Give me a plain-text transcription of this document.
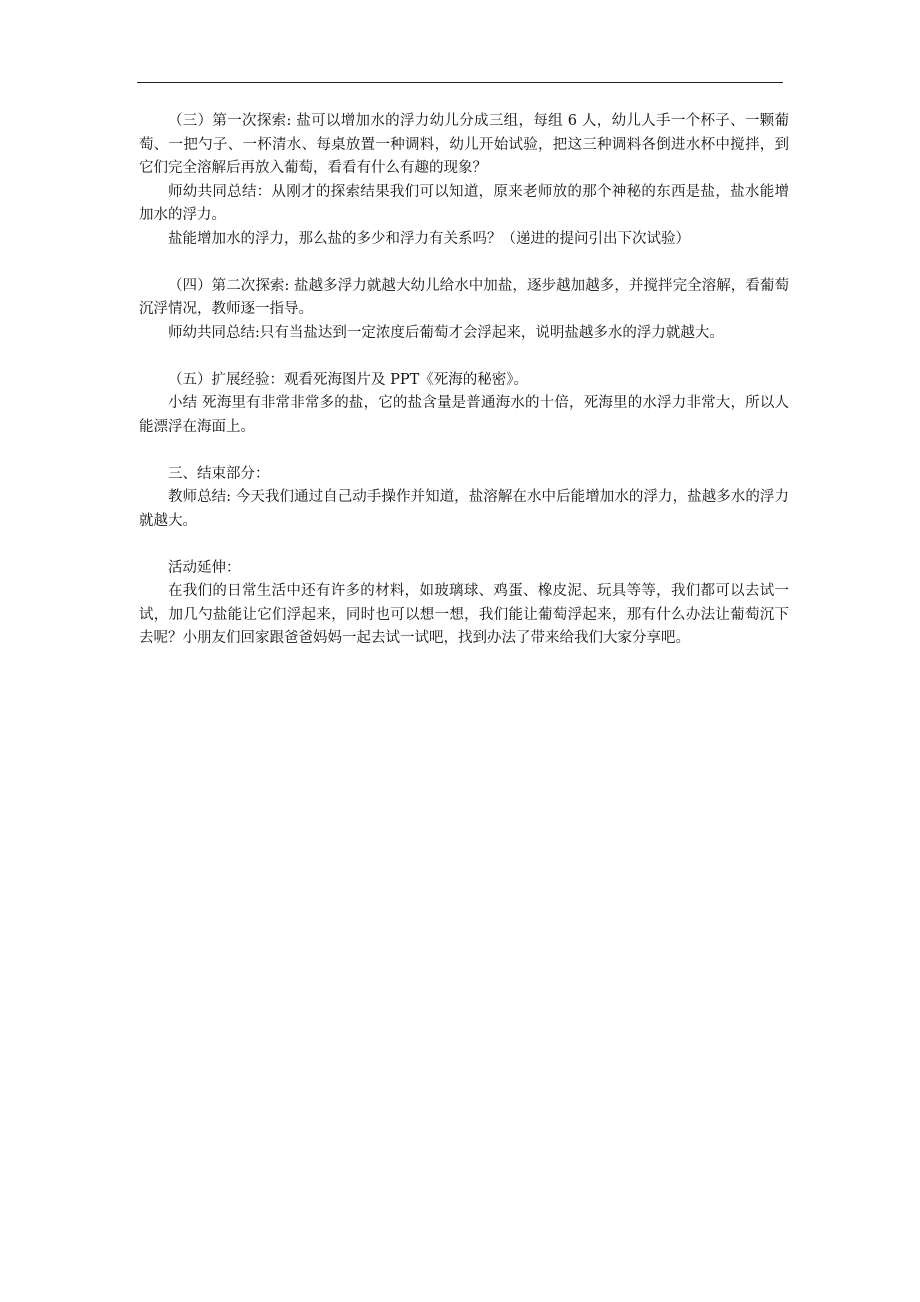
（三）第一次探索: 盐可以增加水的浮力幼儿分成三组，每组 6 人，幼儿人手一个杯子、一颗葡萄、一把勺子、一杯清水、每桌放置一种调料，幼儿开始试验，把这三种调料各倒进水杯中搅拌，到它们完全溶解后再放入葡萄，看看有什么有趣的现象？

师幼共同总结：从刚才的探索结果我们可以知道，原来老师放的那个神秘的东西是盐，盐水能增加水的浮力。

盐能增加水的浮力，那么盐的多少和浮力有关系吗？（递进的提问引出下次试验）

（四）第二次探索: 盐越多浮力就越大幼儿给水中加盐，逐步越加越多，并搅拌完全溶解，看葡萄沉浮情况，教师逐一指导。

师幼共同总结:只有当盐达到一定浓度后葡萄才会浮起来，说明盐越多水的浮力就越大。

（五）扩展经验：观看死海图片及 PPT《死海的秘密》。

小结 死海里有非常非常多的盐，它的盐含量是普通海水的十倍，死海里的水浮力非常大，所以人能漂浮在海面上。

三、结束部分：

教师总结: 今天我们通过自己动手操作并知道，盐溶解在水中后能增加水的浮力，盐越多水的浮力就越大。

活动延伸：

在我们的日常生活中还有许多的材料，如玻璃球、鸡蛋、橡皮泥、玩具等等，我们都可以去试一试，加几勺盐能让它们浮起来，同时也可以想一想，我们能让葡萄浮起来，那有什么办法让葡萄沉下去呢？小朋友们回家跟爸爸妈妈一起去试一试吧，找到办法了带来给我们大家分享吧。
